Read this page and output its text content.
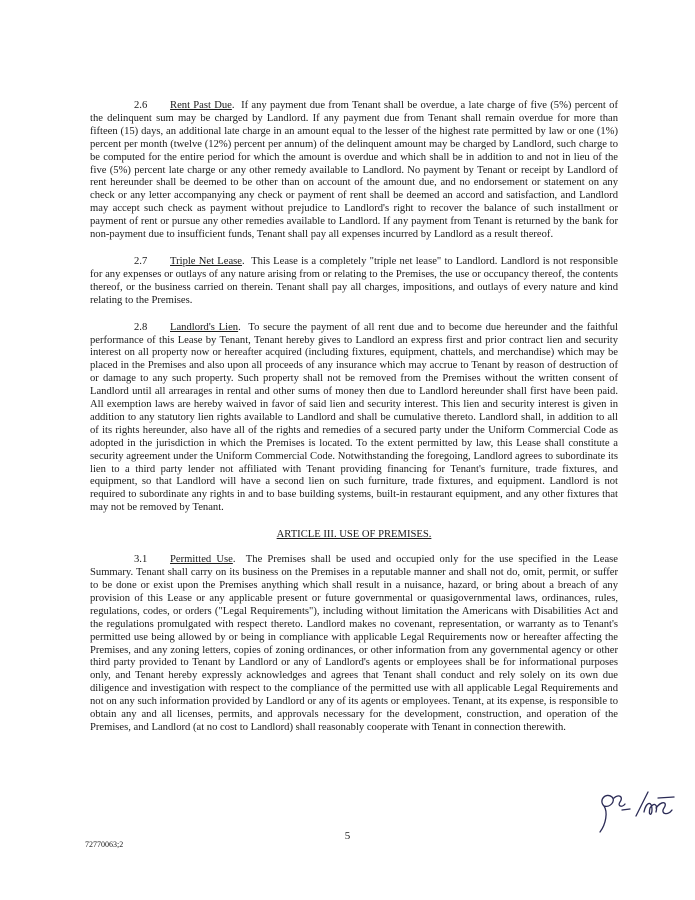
2.6 Rent Past Due.  If any payment due from Tenant shall be overdue, a late charge of five (5%) percent of the delinquent sum may be charged by Landlord. If any payment due from Tenant shall remain overdue for more than fifteen (15) days, an additional late charge in an amount equal to the lesser of the highest rate permitted by law or one (1%) percent per month (twelve (12%) percent per annum) of the delinquent amount may be charged by Landlord, such charge to be computed for the entire period for which the amount is overdue and which shall be in addition to and not in lieu of the five (5%) percent late charge or any other remedy available to Landlord. No payment by Tenant or receipt by Landlord of rent hereunder shall be deemed to be other than on account of the amount due, and no endorsement or statement on any check or any letter accompanying any check or payment of rent shall be deemed an accord and satisfaction, and Landlord may accept such check as payment without prejudice to Landlord's right to recover the balance of such installment or payment of rent or pursue any other remedies available to Landlord. If any payment from Tenant is returned by the bank for non-payment due to insufficient funds, Tenant shall pay all expenses incurred by Landlord as a result thereof.

2.7 Triple Net Lease.  This Lease is a completely "triple net lease" to Landlord. Landlord is not responsible for any expenses or outlays of any nature arising from or relating to the Premises, the use or occupancy thereof, the contents thereof, or the business carried on therein. Tenant shall pay all charges, impositions, and outlays of every nature and kind relating to the Premises.

2.8 Landlord's Lien.  To secure the payment of all rent due and to become due hereunder and the faithful performance of this Lease by Tenant, Tenant hereby gives to Landlord an express first and prior contract lien and security interest on all property now or hereafter acquired (including fixtures, equipment, chattels, and merchandise) which may be placed in the Premises and also upon all proceeds of any insurance which may accrue to Tenant by reason of destruction of or damage to any such property. Such property shall not be removed from the Premises without the written consent of Landlord until all arrearages in rental and other sums of money then due to Landlord hereunder shall first have been paid. All exemption laws are hereby waived in favor of said lien and security interest. This lien and security interest is given in addition to any statutory lien rights available to Landlord and shall be cumulative thereto. Landlord shall, in addition to all of its rights hereunder, also have all of the rights and remedies of a secured party under the Uniform Commercial Code as adopted in the jurisdiction in which the Premises is located. To the extent permitted by law, this Lease shall constitute a security agreement under the Uniform Commercial Code. Notwithstanding the foregoing, Landlord agrees to subordinate its lien to a third party lender not affiliated with Tenant providing financing for Tenant's furniture, trade fixtures, and equipment, so that Landlord will have a second lien on such furniture, trade fixtures, and equipment. Landlord is not required to subordinate any rights in and to base building systems, built-in restaurant equipment, and any other fixtures that may not be removed by Tenant.

ARTICLE III. USE OF PREMISES.

3.1 Permitted Use.  The Premises shall be used and occupied only for the use specified in the Lease Summary. Tenant shall carry on its business on the Premises in a reputable manner and shall not do, omit, permit, or suffer to be done or exist upon the Premises anything which shall result in a nuisance, hazard, or bring about a breach of any provision of this Lease or any applicable present or future governmental or quasigovernmental laws, ordinances, rules, regulations, codes, or orders ("Legal Requirements"), including without limitation the Americans with Disabilities Act and the regulations promulgated with respect thereto. Landlord makes no covenant, representation, or warranty as to Tenant's permitted use being allowed by or being in compliance with applicable Legal Requirements now or hereafter affecting the Premises, and any zoning letters, copies of zoning ordinances, or other information from any governmental agency or other third party provided to Tenant by Landlord or any of Landlord's agents or employees shall be for informational purposes only, and Tenant hereby expressly acknowledges and agrees that Tenant shall conduct and rely solely on its own due diligence and investigation with respect to the compliance of the permitted use with all applicable Legal Requirements and not on any such information provided by Landlord or any of its agents or employees. Tenant, at its expense, is responsible to obtain any and all licenses, permits, and approvals necessary for the development, construction, and operation of the Premises, and Landlord (at no cost to Landlord) shall reasonably cooperate with Tenant in connection therewith.

5
72770063;2
